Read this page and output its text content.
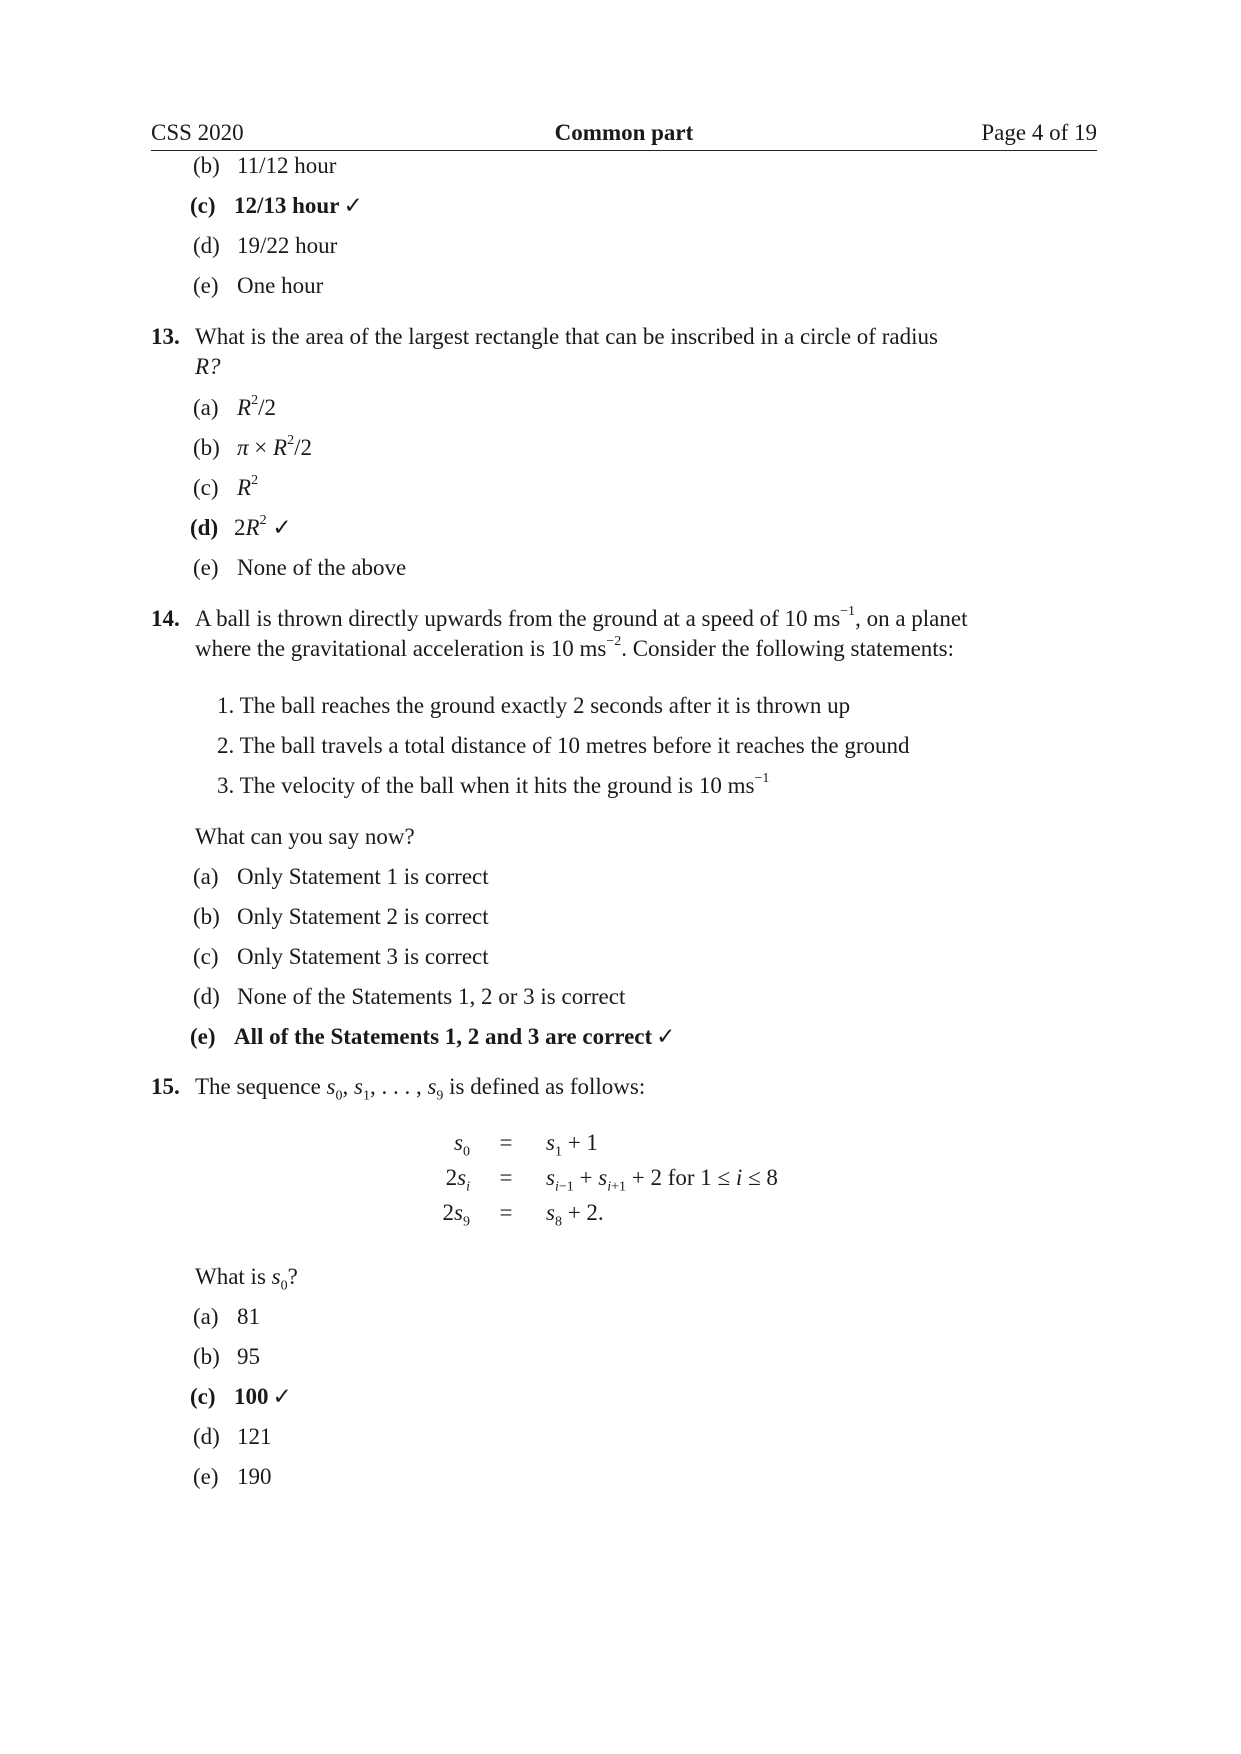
CSS 2020	Common part	Page 4 of 19
(b) 11/12 hour
(c) 12/13 hour ✓
(d) 19/22 hour
(e) One hour
13. What is the area of the largest rectangle that can be inscribed in a circle of radius
R?
(a) $R^2/2$
(b) $\pi \times R^2/2$
(c) $R^2$
(d) $2R^2$ ✓
(e) None of the above
14. A ball is thrown directly upwards from the ground at a speed of 10 $ms^{-1}$, on a planet
where the gravitational acceleration is 10 $ms^{-2}$. Consider the following statements:
1. The ball reaches the ground exactly 2 seconds after it is thrown up
2. The ball travels a total distance of 10 metres before it reaches the ground
3. The velocity of the ball when it hits the ground is 10 $ms^{-1}$
What can you say now?
(a) Only Statement 1 is correct
(b) Only Statement 2 is correct
(c) Only Statement 3 is correct
(d) None of the Statements 1, 2 or 3 is correct
(e) All of the Statements 1, 2 and 3 are correct ✓
15. The sequence $s_0$, $s_1$, . . . , $s_9$ is defined as follows:
$s_0$	=	$s_1 + 1$
$2s_i$	=	$s_{i-1} + s_{i+1} + 2$ for 1 ≤ i ≤ 8
$2s_9$	=	$s_8 + 2$.
What is $s_0$?
(a) 81
(b) 95
(c) 100 ✓
(d) 121
(e) 190
